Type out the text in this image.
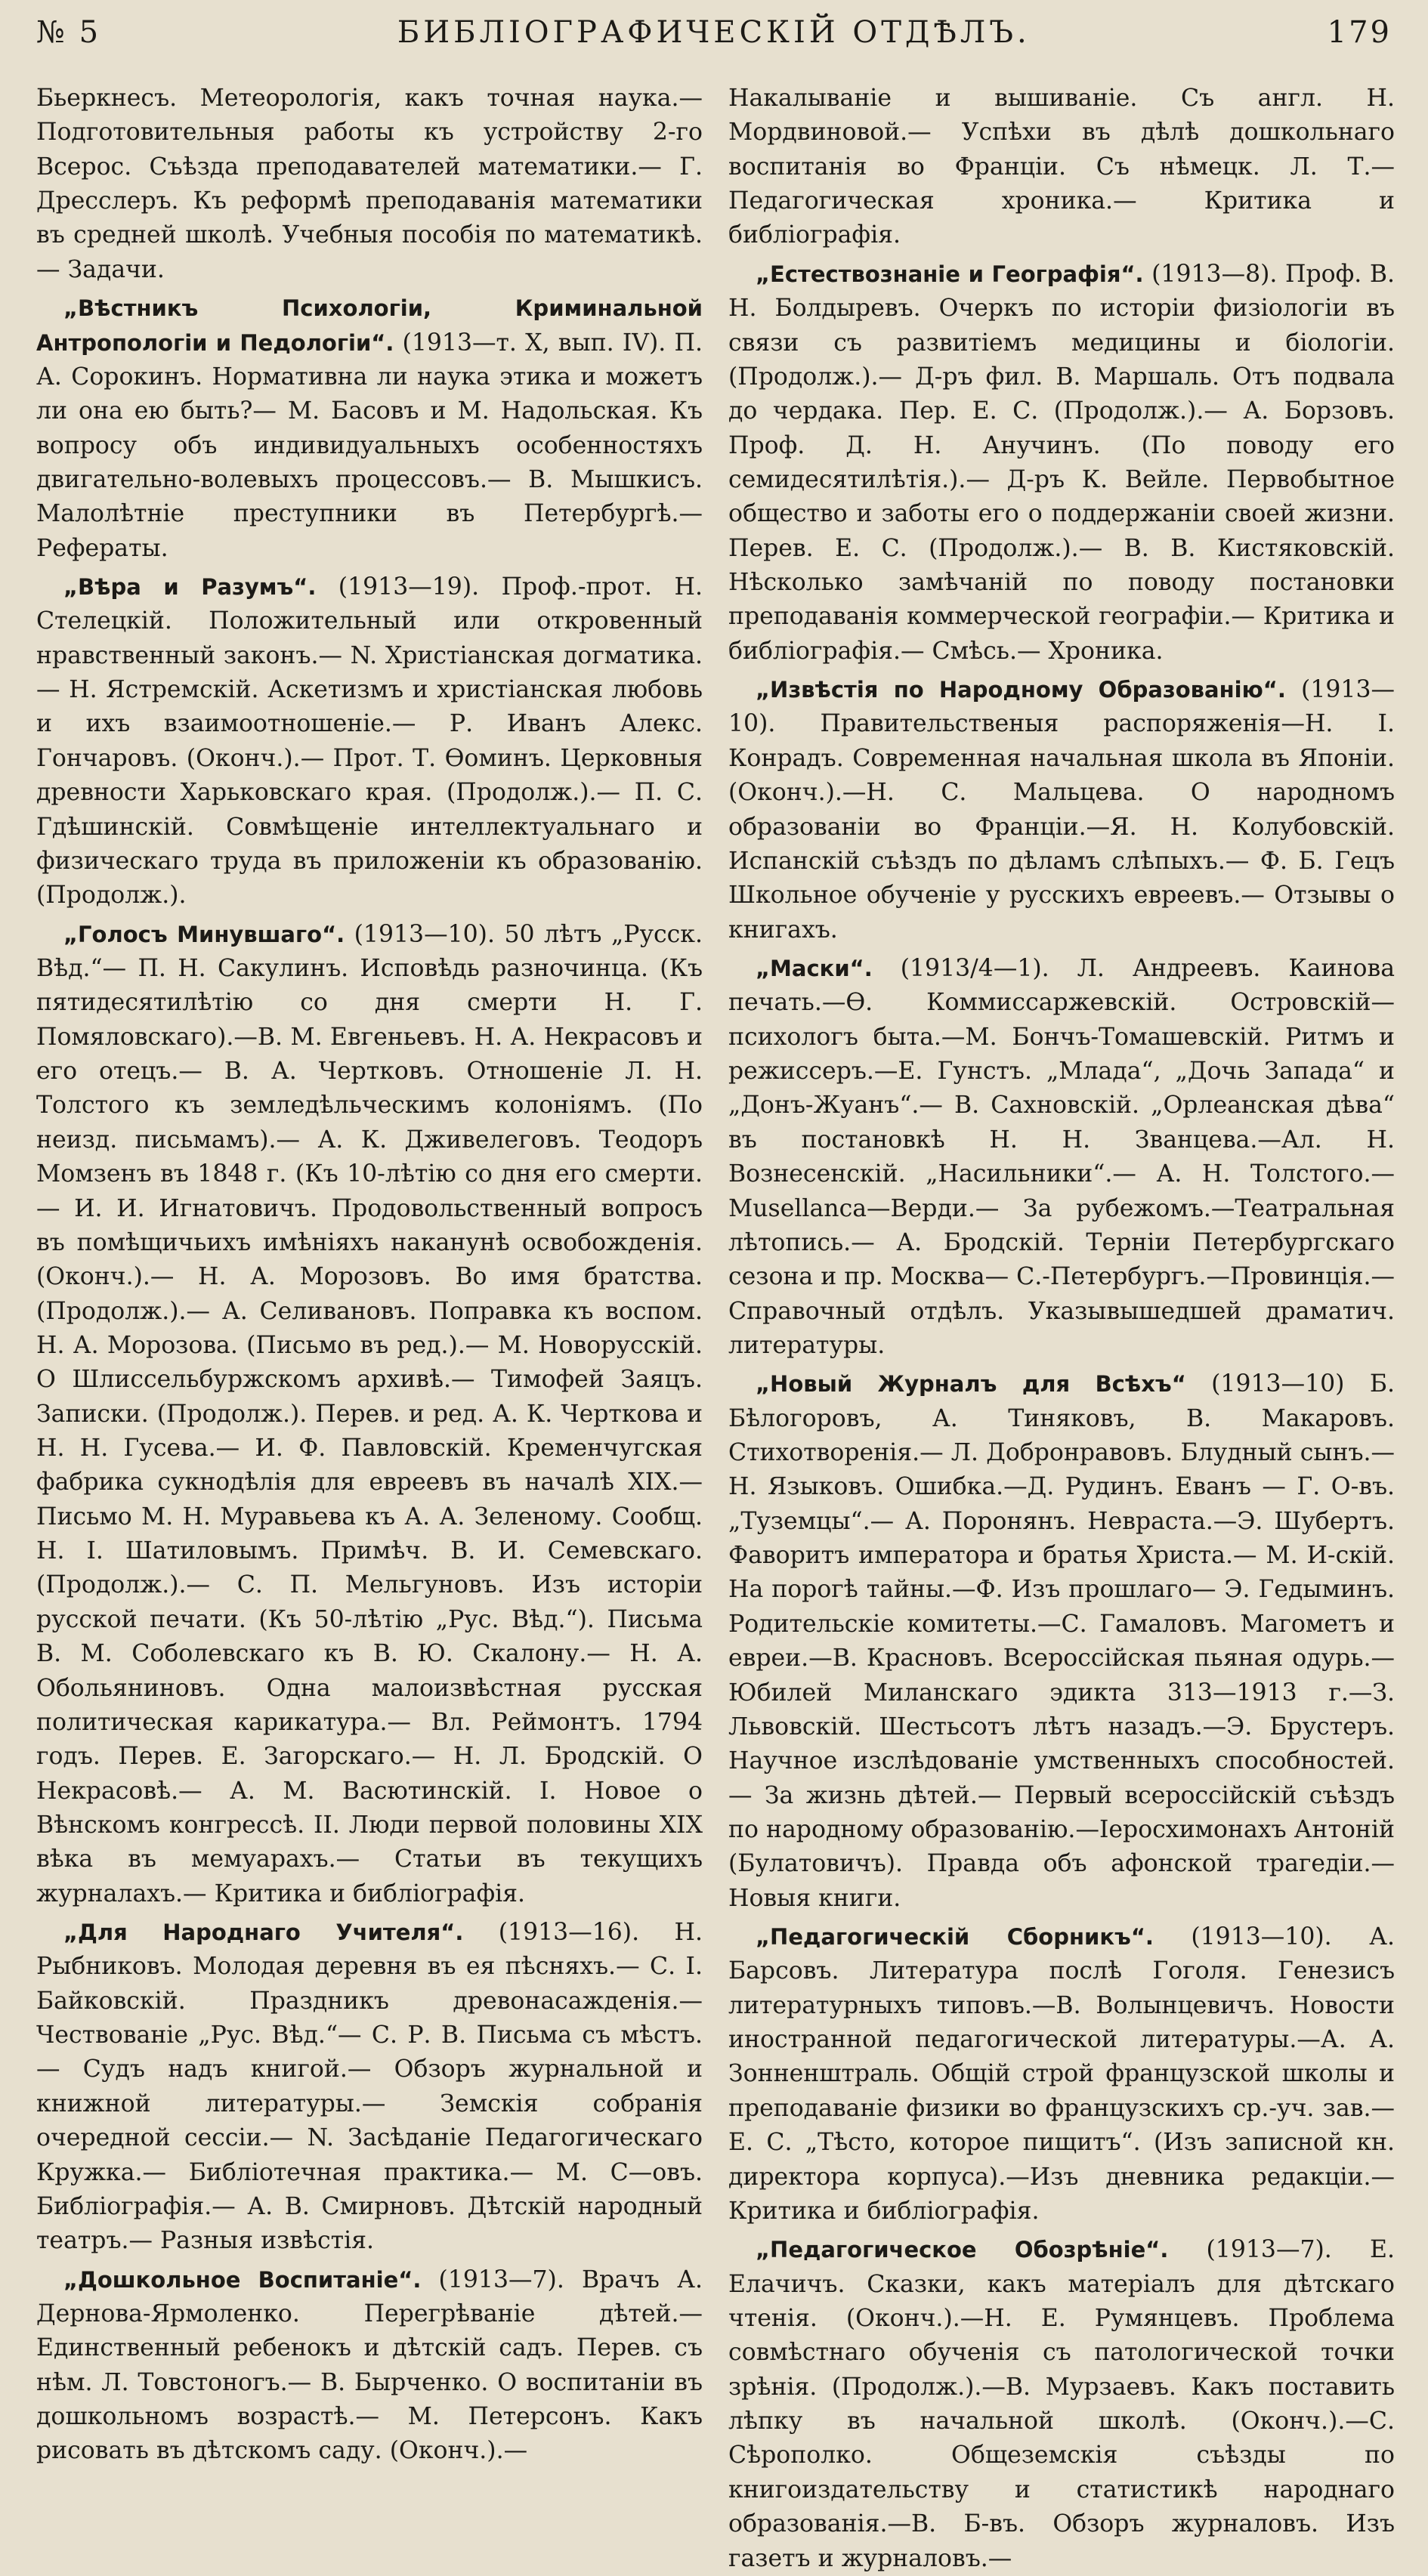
№ 5	БИБЛІОГРАФИЧЕСКІЙ ОТДѢЛЪ.	179

Бьеркнесъ. Метеорологія, какъ точная наука.— Подготовительныя работы къ устройству 2-го Всерос. Съѣзда преподавателей математики.— Г. Дресслеръ. Къ реформѣ преподаванія математики въ средней школѣ. Учебныя пособія по математикѣ.— Задачи.

„Вѣстникъ Психологіи, Криминальной Антропологіи и Педологіи“. (1913—т. X, вып. IV). П. А. Сорокинъ. Нормативна ли наука этика и можетъ ли она ею быть?— М. Басовъ и М. Надольская. Къ вопросу объ индивидуальныхъ особенностяхъ двигательно-волевыхъ процессовъ.— В. Мышкисъ. Малолѣтніе преступники въ Петербургѣ.— Рефераты.

„Вѣра и Разумъ“. (1913—19). Проф.-прот. Н. Стелецкій. Положительный или откровенный нравственный законъ.— N. Христіанская догматика.— Н. Ястремскій. Аскетизмъ и христіанская любовь и ихъ взаимоотношеніе.— Р. Иванъ Алекс. Гончаровъ. (Оконч.).— Прот. Т. Ѳоминъ. Церковныя древности Харьковскаго края. (Продолж.).— П. С. Гдѣшинскій. Совмѣщеніе интеллектуальнаго и физическаго труда въ приложеніи къ образованію. (Продолж.).

„Голосъ Минувшаго“. (1913—10). 50 лѣтъ „Русск. Вѣд.“— П. Н. Сакулинъ. Исповѣдь разночинца. (Къ пятидесятилѣтію со дня смерти Н. Г. Помяловскаго).—В. М. Евгеньевъ. Н. А. Некрасовъ и его отецъ.— В. А. Чертковъ. Отношеніе Л. Н. Толстого къ земледѣльческимъ колоніямъ. (По неизд. письмамъ).— А. К. Дживелеговъ. Теодоръ Момзенъ въ 1848 г. (Къ 10-лѣтію со дня его смерти.— И. И. Игнатовичъ. Продовольственный вопросъ въ помѣщичьихъ имѣніяхъ наканунѣ освобожденія. (Оконч.).— Н. А. Морозовъ. Во имя братства. (Продолж.).— А. Селивановъ. Поправка къ воспом. Н. А. Морозова. (Письмо въ ред.).— М. Новорусскій. О Шлиссельбуржскомъ архивѣ.— Тимофей Заяцъ. Записки. (Продолж.). Перев. и ред. А. К. Черткова и Н. Н. Гусева.— И. Ф. Павловскій. Кременчугская фабрика сукнодѣлія для евреевъ въ началѣ XIX.— Письмо М. Н. Муравьева къ А. А. Зеленому. Сообщ. Н. І. Шатиловымъ. Примѣч. В. И. Семевскаго. (Продолж.).— С. П. Мельгуновъ. Изъ исторіи русской печати. (Къ 50-лѣтію „Рус. Вѣд.“). Письма В. М. Соболевскаго къ В. Ю. Скалону.— Н. А. Обольяниновъ. Одна малоизвѣстная русская политическая карикатура.— Вл. Реймонтъ. 1794 годъ. Перев. Е. Загорскаго.— Н. Л. Бродскій. О Некрасовѣ.— А. М. Васютинскій. І. Новое о Вѣнскомъ конгрессѣ. II. Люди первой половины XIX вѣка въ мемуарахъ.— Статьи въ текущихъ журналахъ.— Критика и библіографія.

„Для Народнаго Учителя“. (1913—16). Н. Рыбниковъ. Молодая деревня въ ея пѣсняхъ.— С. І. Байковскій. Праздникъ древонасажденія.— Чествованіе „Рус. Вѣд.“— С. Р. В. Письма съ мѣстъ.— Судъ надъ книгой.— Обзоръ журнальной и книжной литературы.— Земскія собранія очередной сессіи.— N. Засѣданіе Педагогическаго Кружка.— Библіотечная практика.— М. С—овъ. Библіографія.— А. В. Смирновъ. Дѣтскій народный театръ.— Разныя извѣстія.

„Дошкольное Воспитаніе“. (1913—7). Врачъ А. Дернова-Ярмоленко. Перегрѣваніе дѣтей.— Единственный ребенокъ и дѣтскій садъ. Перев. съ нѣм. Л. Товстоногъ.— В. Бырченко. О воспитаніи въ дошкольномъ возрастѣ.— М. Петерсонъ. Какъ рисовать въ дѣтскомъ саду. (Оконч.).—

Накалываніе и вышиваніе. Съ англ. Н. Мордвиновой.— Успѣхи въ дѣлѣ дошкольнаго воспитанія во Франціи. Съ нѣмецк. Л. Т.— Педагогическая хроника.— Критика и библіографія.

„Естествознаніе и Географія“. (1913—8). Проф. В. Н. Болдыревъ. Очеркъ по исторіи физіологіи въ связи съ развитіемъ медицины и біологіи. (Продолж.).— Д-ръ фил. В. Маршаль. Отъ подвала до чердака. Пер. Е. С. (Продолж.).— А. Борзовъ. Проф. Д. Н. Анучинъ. (По поводу его семидесятилѣтія.).— Д-ръ К. Вейле. Первобытное общество и заботы его о поддержаніи своей жизни. Перев. Е. С. (Продолж.).— В. В. Кистяковскій. Нѣсколько замѣчаній по поводу постановки преподаванія коммерческой географіи.— Критика и библіографія.— Смѣсь.— Хроника.

„Извѣстія по Народному Образованію“. (1913—10). Правительственыя распоряженія—Н. І. Конрадъ. Современная начальная школа въ Японіи. (Оконч.).—Н. С. Мальцева. О народномъ образованіи во Франціи.—Я. Н. Колубовскій. Испанскій съѣздъ по дѣламъ слѣпыхъ.— Ф. Б. Гецъ Школьное обученіе у русскихъ евреевъ.— Отзывы о книгахъ.

„Маски“. (1913/4—1). Л. Андреевъ. Каинова печать.—Ѳ. Коммиссаржевскій. Островскій—психологъ быта.—М. Бончъ-Томашевскій. Ритмъ и режиссеръ.—Е. Гунстъ. „Млада“, „Дочь Запада“ и „Донъ-Жуанъ“.— В. Сахновскій. „Орлеанская дѣва“ въ постановкѣ Н. Н. Званцева.—Ал. Н. Вознесенскій. „Насильники“.— А. Н. Толстого.—Musеllanca—Верди.— За рубежомъ.—Театральная лѣтопись.— А. Бродскій. Терніи Петербургскаго сезона и пр. Москва— С.-Петербургъ.—Провинція.—Справочный отдѣлъ. Указывышедшей драматич. литературы.

„Новый Журналъ для Всѣхъ“ (1913—10) Б. Бѣлогоровъ, А. Тиняковъ, В. Макаровъ. Стихотворенія.— Л. Добронравовъ. Блудный сынъ.—Н. Языковъ. Ошибка.—Д. Рудинъ. Еванъ — Г. О-въ. „Туземцы“.— А. Поронянъ. Невраста.—Э. Шубертъ. Фаворитъ императора и братья Христа.— М. И-скій. На порогѣ тайны.—Ф. Изъ прошлаго— Э. Гедыминъ. Родительскіе комитеты.—С. Гамаловъ. Магометъ и евреи.—В. Красновъ. Всероссійская пьяная одурь.—Юбилей Миланскаго эдикта 313—1913 г.—З. Львовскій. Шестьсотъ лѣтъ назадъ.—Э. Брустеръ. Научное изслѣдованіе умственныхъ способностей.— За жизнь дѣтей.— Первый всероссійскій съѣздъ по народному образованію.—Іеросхимонахъ Антоній (Булатовичъ). Правда объ афонской трагедіи.—Новыя книги.

„Педагогическій Сборникъ“. (1913—10). А. Барсовъ. Литература послѣ Гоголя. Генезисъ литературныхъ типовъ.—В. Волынцевичъ. Новости иностранной педагогической литературы.—А. А. Зонненштраль. Общій строй французской школы и преподаваніе физики во французскихъ ср.-уч. зав.—Е. С. „Тѣсто, которое пищитъ“. (Изъ записной кн. директора корпуса).—Изъ дневника редакціи.—Критика и библіографія.

„Педагогическое Обозрѣніе“. (1913—7). Е. Елачичъ. Сказки, какъ матеріалъ для дѣтскаго чтенія. (Оконч.).—Н. Е. Румянцевъ. Проблема совмѣстнаго обученія съ патологической точки зрѣнія. (Продолж.).—В. Мурзаевъ. Какъ поставить лѣпку въ начальной школѣ. (Оконч.).—С. Сѣрополко. Общеземскія съѣзды по книгоиздательству и статистикѣ народнаго образованія.—В. Б-въ. Обзоръ журналовъ. Изъ газетъ и журналовъ.—
